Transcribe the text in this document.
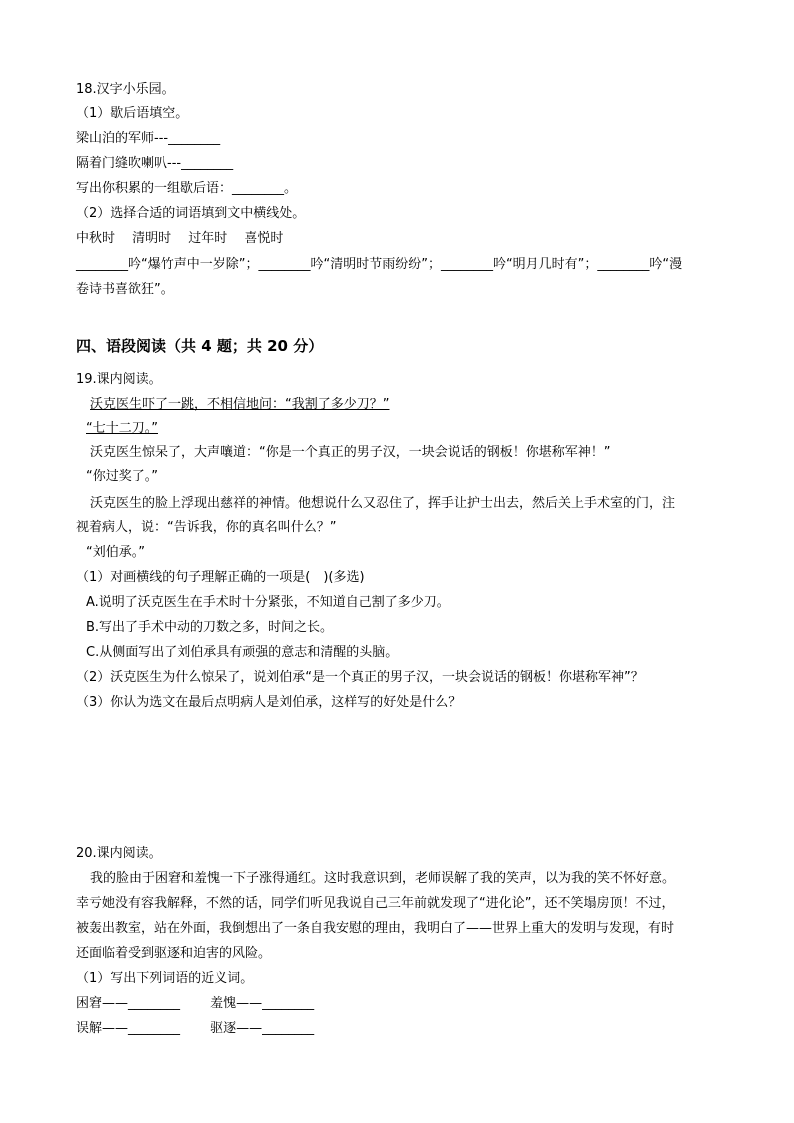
18.汉字小乐园。
（1）歇后语填空。
梁山泊的军师---________
隔着门缝吹喇叭---________
写出你积累的一组歇后语：________。
（2）选择合适的词语填到文中横线处。
中秋时　 清明时　 过年时　 喜悦时
________吟“爆竹声中一岁除”；________吟“清明时节雨纷纷”；________吟“明月几时有”；________吟“漫
卷诗书喜欲狂”。
四、语段阅读（共 4 题；共 20 分）
19.课内阅读。
沃克医生吓了一跳，不相信地问：“我割了多少刀？”
“七十二刀。”
沃克医生惊呆了，大声嚷道：“你是一个真正的男子汉，一块会说话的钢板！你堪称军神！”
“你过奖了。”
沃克医生的脸上浮现出慈祥的神情。他想说什么又忍住了，挥手让护士出去，然后关上手术室的门，注
视着病人，说：“告诉我，你的真名叫什么？”
“刘伯承。”
（1）对画横线的句子理解正确的一项是(　)(多选)
A.说明了沃克医生在手术时十分紧张，不知道自己割了多少刀。
B.写出了手术中动的刀数之多，时间之长。
C.从侧面写出了刘伯承具有顽强的意志和清醒的头脑。
（2）沃克医生为什么惊呆了，说刘伯承“是一个真正的男子汉，一块会说话的钢板！你堪称军神”？
（3）你认为选文在最后点明病人是刘伯承，这样写的好处是什么？
20.课内阅读。
我的脸由于困窘和羞愧一下子涨得通红。这时我意识到，老师误解了我的笑声，以为我的笑不怀好意。
幸亏她没有容我解释，不然的话，同学们听见我说自己三年前就发现了“进化论”，还不笑塌房顶！不过，
被轰出教室，站在外面，我倒想出了一条自我安慰的理由，我明白了——世界上重大的发明与发现，有时
还面临着受到驱逐和迫害的风险。
（1）写出下列词语的近义词。
困窘——________　　 羞愧——________
误解——________　　 驱逐——________
